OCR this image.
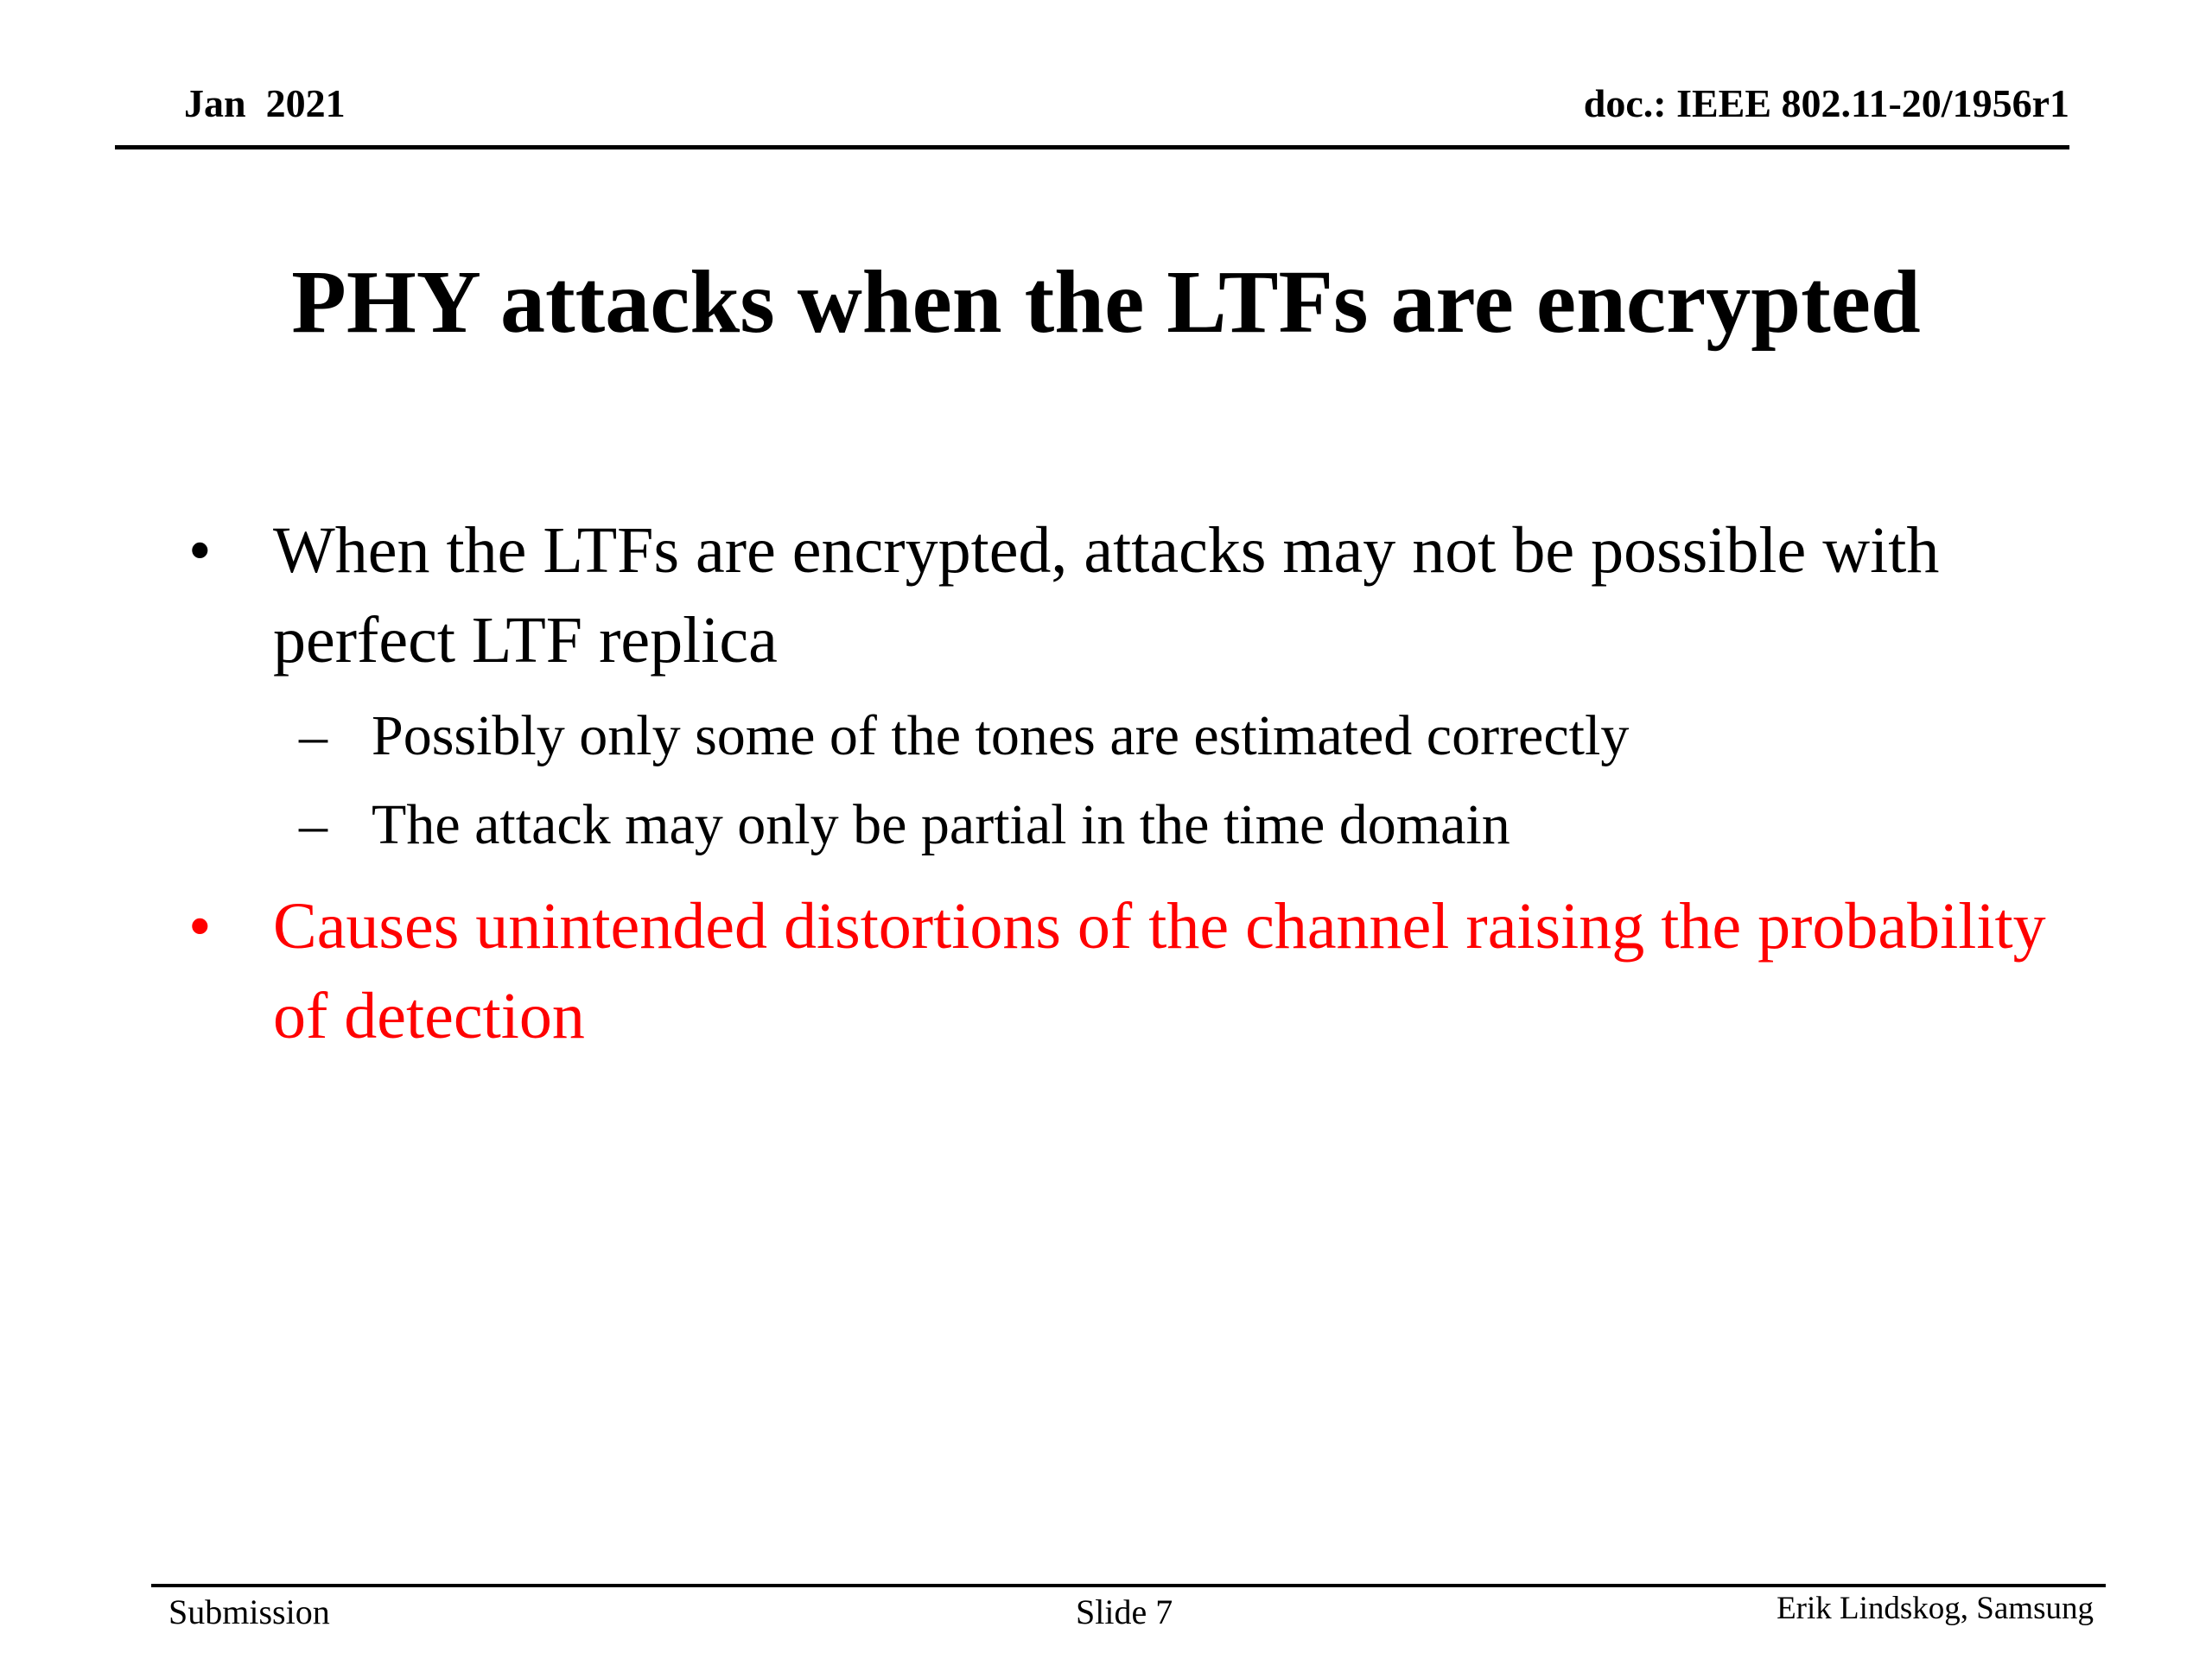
Jan  2021	doc.: IEEE 802.11-20/1956r1
PHY attacks when the LTFs are encrypted
• When the LTFs are encrypted, attacks may not be possible with perfect LTF replica
– Possibly only some of the tones are estimated correctly
– The attack may only be partial in the time domain
• Causes unintended distortions of the channel raising the probability of detection
Submission	Slide 7	Erik Lindskog, Samsung
